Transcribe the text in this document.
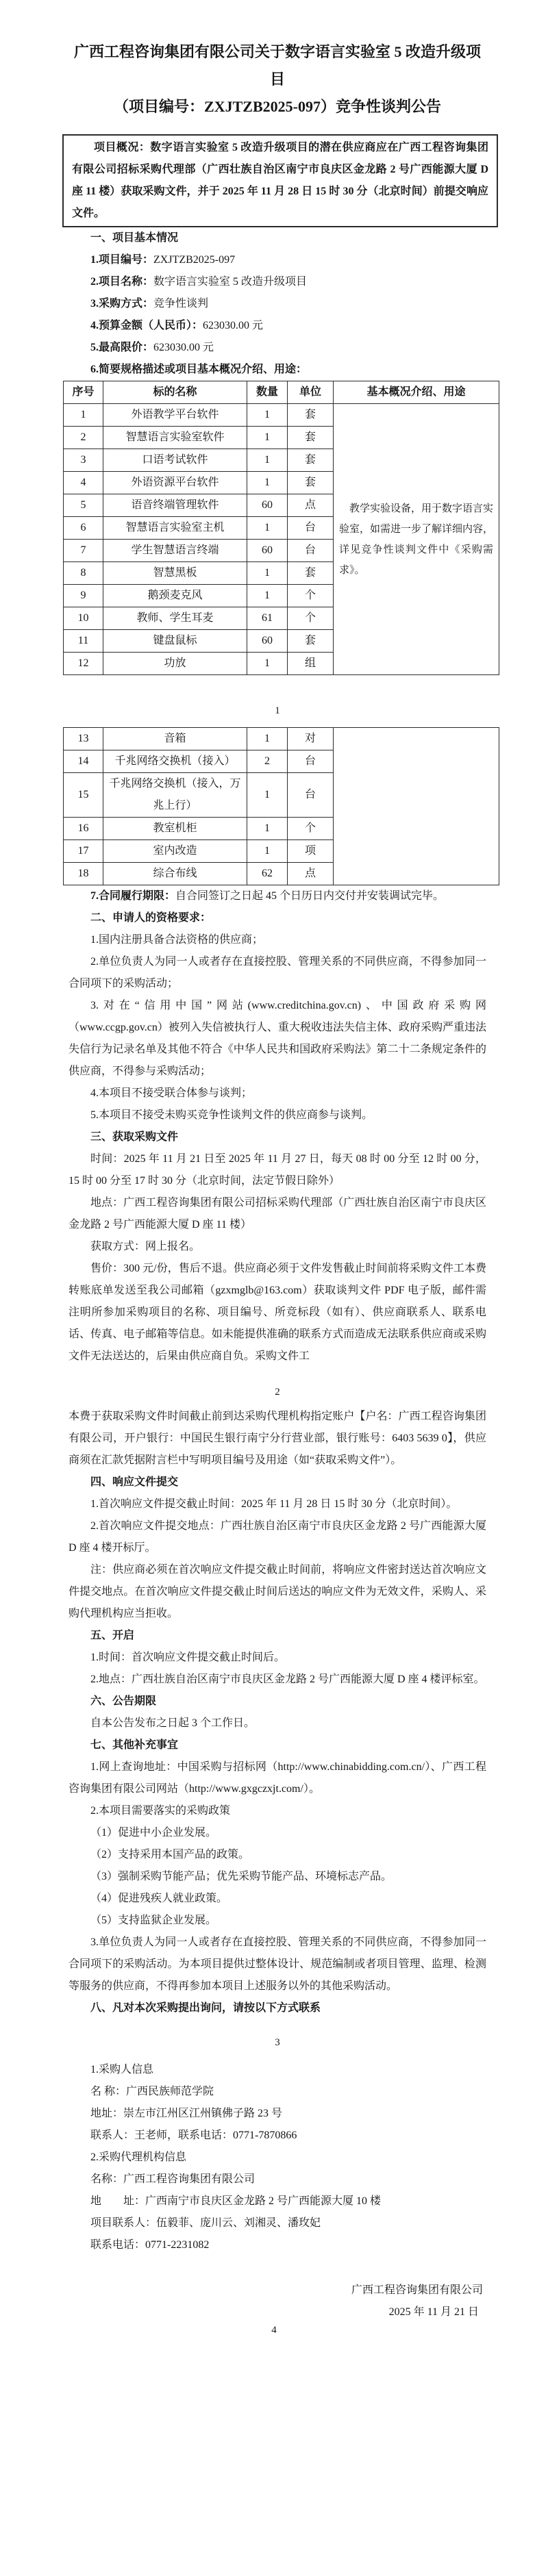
广西工程咨询集团有限公司关于数字语言实验室 5 改造升级项目
（项目编号：ZXJTZB2025-097）竞争性谈判公告

项目概况：数字语言实验室 5 改造升级项目的潜在供应商应在广西工程咨询集团有限公司招标采购代理部（广西壮族自治区南宁市良庆区金龙路 2 号广西能源大厦 D 座 11 楼）获取采购文件，并于 2025 年 11 月 28 日 15 时 30 分（北京时间）前提交响应文件。

一、项目基本情况

1.项目编号：ZXJTZB2025-097

2.项目名称：数字语言实验室 5 改造升级项目

3.采购方式：竞争性谈判

4.预算金额（人民币）：623030.00 元

5.最高限价：623030.00 元

6.简要规格描述或项目基本概况介绍、用途：

序号	标的名称	数量	单位	基本概况介绍、用途
1	外语教学平台软件	1	套	教学实验设备，用于数字语言实验室，如需进一步了解详细内容，详见竞争性谈判文件中《采购需求》。
2	智慧语言实验室软件	1	套	
3	口语考试软件	1	套	
4	外语资源平台软件	1	套	
5	语音终端管理软件	60	点	
6	智慧语言实验室主机	1	台	
7	学生智慧语言终端	60	台	
8	智慧黑板	1	套	
9	鹅颈麦克风	1	个	
10	教师、学生耳麦	61	个	
11	键盘鼠标	60	套	
12	功放	1	组	

1

13	音箱	1	对	
14	千兆网络交换机（接入）	2	台	
15	千兆网络交换机（接入，万兆上行）	1	台	
16	教室机柜	1	个	
17	室内改造	1	项	
18	综合布线	62	点	

7.合同履行期限：自合同签订之日起 45 个日历日内交付并安装调试完毕。

二、申请人的资格要求：

1.国内注册具备合法资格的供应商；

2.单位负责人为同一人或者存在直接控股、管理关系的不同供应商，不得参加同一合同项下的采购活动；

3.对在“信用中国”网站(www.creditchina.gov.cn)、中国政府采购网（www.ccgp.gov.cn）被列入失信被执行人、重大税收违法失信主体、政府采购严重违法失信行为记录名单及其他不符合《中华人民共和国政府采购法》第二十二条规定条件的供应商，不得参与采购活动；

4.本项目不接受联合体参与谈判；

5.本项目不接受未购买竞争性谈判文件的供应商参与谈判。

三、获取采购文件

时间：2025 年 11 月 21 日至 2025 年 11 月 27 日，每天 08 时 00 分至 12 时 00 分，15 时 00 分至 17 时 30 分（北京时间，法定节假日除外）

地点：广西工程咨询集团有限公司招标采购代理部（广西壮族自治区南宁市良庆区金龙路 2 号广西能源大厦 D 座 11 楼）

获取方式：网上报名。

售价：300 元/份，售后不退。供应商必须于文件发售截止时间前将采购文件工本费转账底单发送至我公司邮箱（gzxmglb@163.com）获取谈判文件 PDF 电子版，邮件需注明所参加采购项目的名称、项目编号、所竞标段（如有）、供应商联系人、联系电话、传真、电子邮箱等信息。如未能提供准确的联系方式而造成无法联系供应商或采购文件无法送达的，后果由供应商自负。采购文件工

2

本费于获取采购文件时间截止前到达采购代理机构指定账户【户名：广西工程咨询集团有限公司，开户银行：中国民生银行南宁分行营业部，银行账号：6403 5639 0】，供应商须在汇款凭据附言栏中写明项目编号及用途（如“获取采购文件”）。

四、响应文件提交

1.首次响应文件提交截止时间：2025 年 11 月 28 日 15 时 30 分（北京时间）。

2.首次响应文件提交地点：广西壮族自治区南宁市良庆区金龙路 2 号广西能源大厦 D 座 4 楼开标厅。

注：供应商必须在首次响应文件提交截止时间前，将响应文件密封送达首次响应文件提交地点。在首次响应文件提交截止时间后送达的响应文件为无效文件，采购人、采购代理机构应当拒收。

五、开启

1.时间：首次响应文件提交截止时间后。

2.地点：广西壮族自治区南宁市良庆区金龙路 2 号广西能源大厦 D 座 4 楼评标室。

六、公告期限

自本公告发布之日起 3 个工作日。

七、其他补充事宜

1.网上查询地址：中国采购与招标网（http://www.chinabidding.com.cn/）、广西工程咨询集团有限公司网站（http://www.gxgczxjt.com/）。

2.本项目需要落实的采购政策

（1）促进中小企业发展。

（2）支持采用本国产品的政策。

（3）强制采购节能产品；优先采购节能产品、环境标志产品。

（4）促进残疾人就业政策。

（5）支持监狱企业发展。

3.单位负责人为同一人或者存在直接控股、管理关系的不同供应商，不得参加同一合同项下的采购活动。为本项目提供过整体设计、规范编制或者项目管理、监理、检测等服务的供应商，不得再参加本项目上述服务以外的其他采购活动。

八、凡对本次采购提出询问，请按以下方式联系

3

1.采购人信息

名 称：广西民族师范学院

地址：崇左市江州区江州镇佛子路 23 号

联系人：王老师，联系电话：0771-7870866

2.采购代理机构信息

名称：广西工程咨询集团有限公司

地　　址：广西南宁市良庆区金龙路 2 号广西能源大厦 10 楼

项目联系人：伍毅菲、庞川云、刘湘灵、潘玫妃

联系电话：0771-2231082

广西工程咨询集团有限公司

2025 年 11 月 21 日

4
